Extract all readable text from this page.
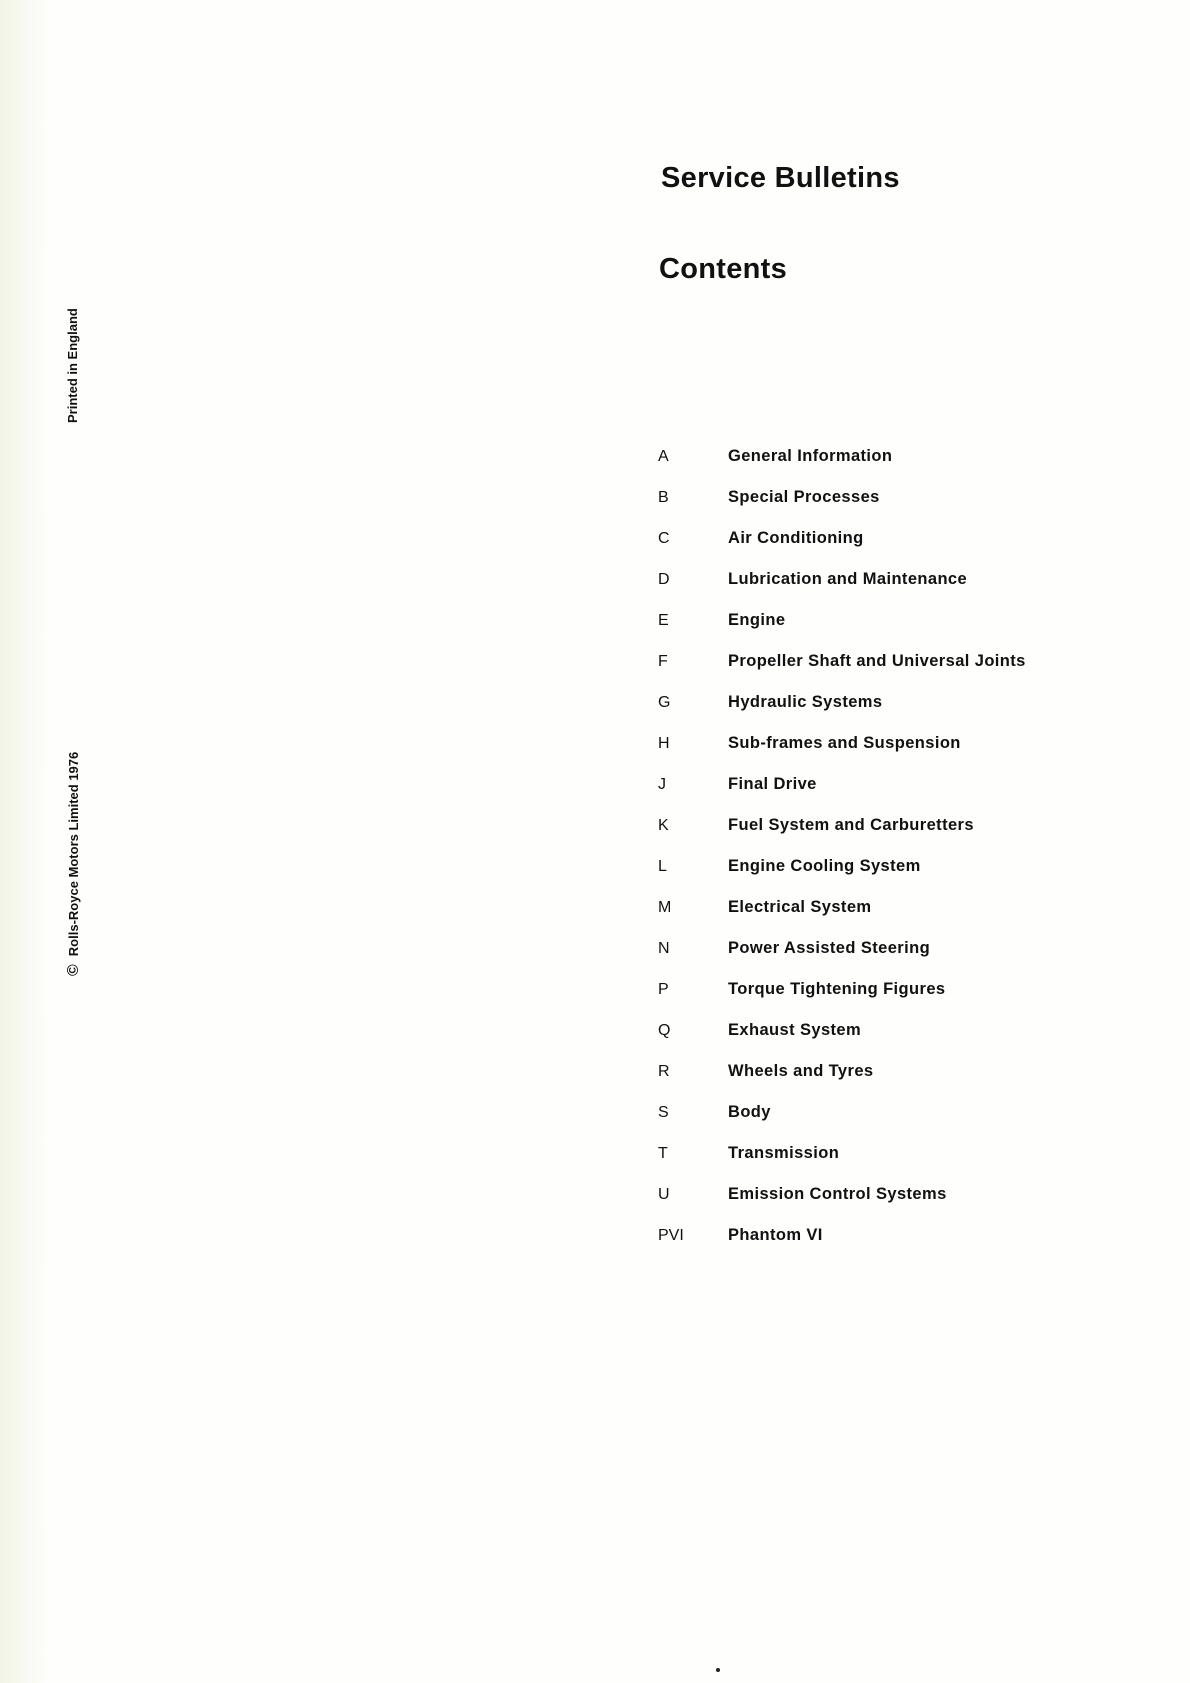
Printed in England
©Rolls-Royce Motors Limited 1976
Service Bulletins
Contents
A	General Information
B	Special Processes
C	Air Conditioning
D	Lubrication and Maintenance
E	Engine
F	Propeller Shaft and Universal Joints
G	Hydraulic Systems
H	Sub-frames and Suspension
J	Final Drive
K	Fuel System and Carburetters
L	Engine Cooling System
M	Electrical System
N	Power Assisted Steering
P	Torque Tightening Figures
Q	Exhaust System
R	Wheels and Tyres
S	Body
T	Transmission
U	Emission Control Systems
PVI	Phantom VI
